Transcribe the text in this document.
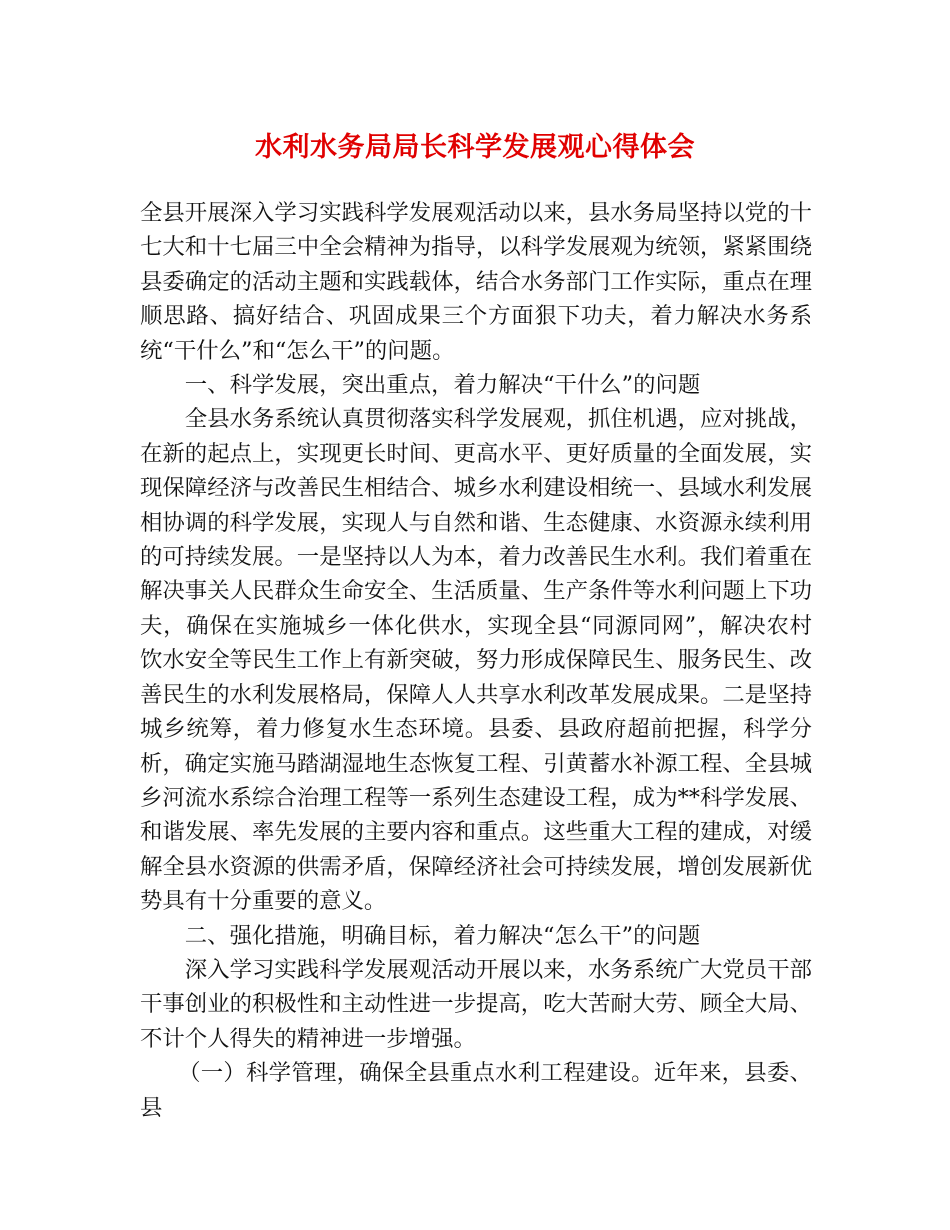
水利水务局局长科学发展观心得体会

全县开展深入学习实践科学发展观活动以来，县水务局坚持以党的十七大和十七届三中全会精神为指导，以科学发展观为统领，紧紧围绕县委确定的活动主题和实践载体，结合水务部门工作实际，重点在理顺思路、搞好结合、巩固成果三个方面狠下功夫，着力解决水务系统“干什么”和“怎么干”的问题。

一、科学发展，突出重点，着力解决“干什么”的问题

全县水务系统认真贯彻落实科学发展观，抓住机遇，应对挑战，在新的起点上，实现更长时间、更高水平、更好质量的全面发展，实现保障经济与改善民生相结合、城乡水利建设相统一、县域水利发展相协调的科学发展，实现人与自然和谐、生态健康、水资源永续利用的可持续发展。一是坚持以人为本，着力改善民生水利。我们着重在解决事关人民群众生命安全、生活质量、生产条件等水利问题上下功夫，确保在实施城乡一体化供水，实现全县“同源同网”，解决农村饮水安全等民生工作上有新突破，努力形成保障民生、服务民生、改善民生的水利发展格局，保障人人共享水利改革发展成果。二是坚持城乡统筹，着力修复水生态环境。县委、县政府超前把握，科学分析，确定实施马踏湖湿地生态恢复工程、引黄蓄水补源工程、全县城乡河流水系综合治理工程等一系列生态建设工程，成为**科学发展、和谐发展、率先发展的主要内容和重点。这些重大工程的建成，对缓解全县水资源的供需矛盾，保障经济社会可持续发展，增创发展新优势具有十分重要的意义。

二、强化措施，明确目标，着力解决“怎么干”的问题

深入学习实践科学发展观活动开展以来，水务系统广大党员干部干事创业的积极性和主动性进一步提高，吃大苦耐大劳、顾全大局、不计个人得失的精神进一步增强。

（一）科学管理，确保全县重点水利工程建设。近年来，县委、县
